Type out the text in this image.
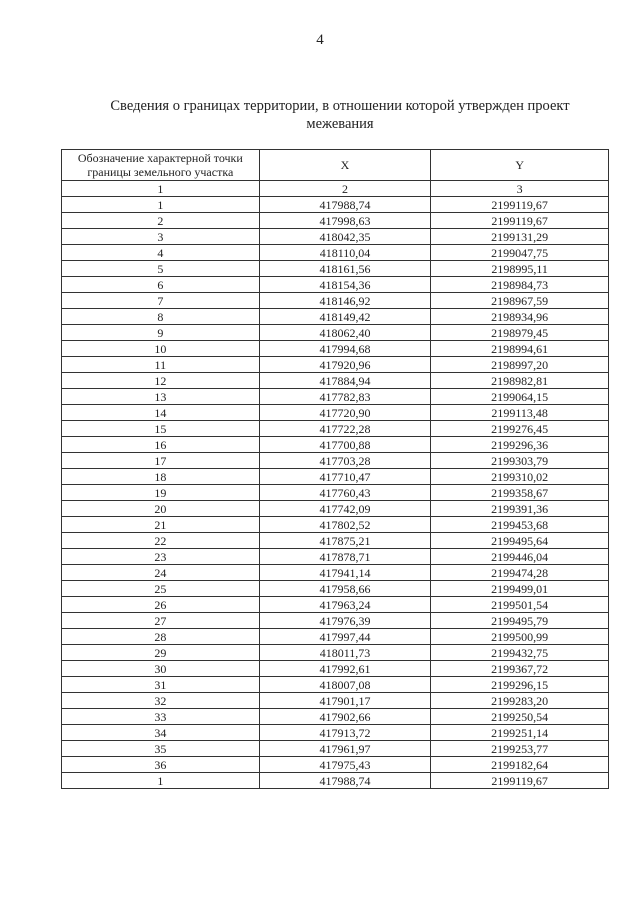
4
Сведения о границах территории, в отношении которой утвержден проект межевания
Обозначение характерной точки границы земельного участка	X	Y
1	2	3
1	417988,74	2199119,67
2	417998,63	2199119,67
3	418042,35	2199131,29
4	418110,04	2199047,75
5	418161,56	2198995,11
6	418154,36	2198984,73
7	418146,92	2198967,59
8	418149,42	2198934,96
9	418062,40	2198979,45
10	417994,68	2198994,61
11	417920,96	2198997,20
12	417884,94	2198982,81
13	417782,83	2199064,15
14	417720,90	2199113,48
15	417722,28	2199276,45
16	417700,88	2199296,36
17	417703,28	2199303,79
18	417710,47	2199310,02
19	417760,43	2199358,67
20	417742,09	2199391,36
21	417802,52	2199453,68
22	417875,21	2199495,64
23	417878,71	2199446,04
24	417941,14	2199474,28
25	417958,66	2199499,01
26	417963,24	2199501,54
27	417976,39	2199495,79
28	417997,44	2199500,99
29	418011,73	2199432,75
30	417992,61	2199367,72
31	418007,08	2199296,15
32	417901,17	2199283,20
33	417902,66	2199250,54
34	417913,72	2199251,14
35	417961,97	2199253,77
36	417975,43	2199182,64
1	417988,74	2199119,67
